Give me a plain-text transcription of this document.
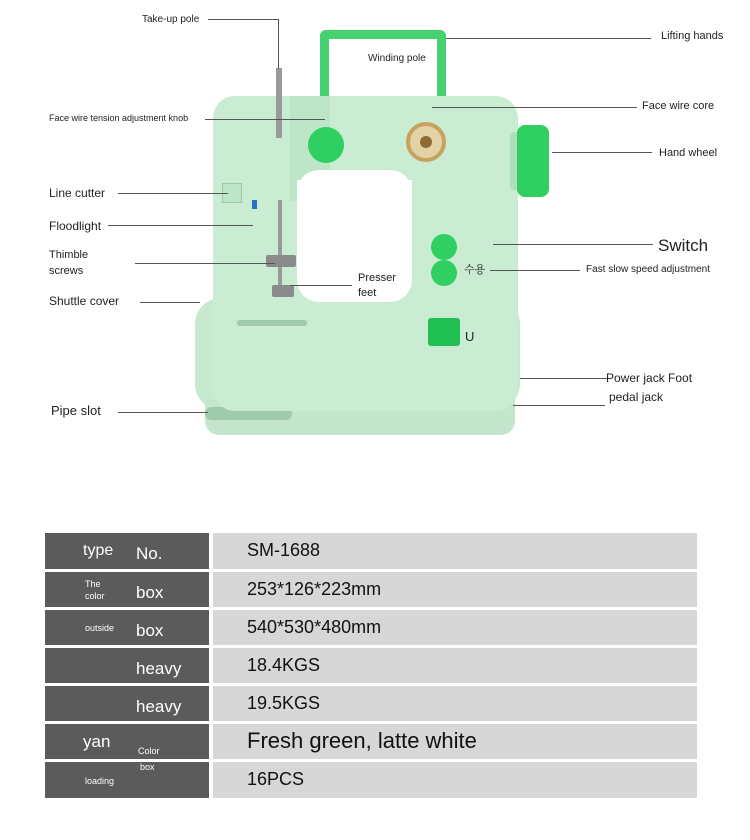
Take-up pole
Winding pole
Lifting hands
Face wire core
Face wire tension adjustment knob
Hand wheel
Line cutter
Floodlight
Switch
Thimble
screws	Fast slow speed adjustment
수용
Presser
feet
Shuttle cover
U
Power jack Foot
pedal jack
Pipe slot
type No.		SM-1688

The
color box		253*126*223mm

outside box		540*530*480mm

heavy		18.4KGS

heavy		19.5KGS

yan Color		Fresh green, latte white

box
loading		16PCS
